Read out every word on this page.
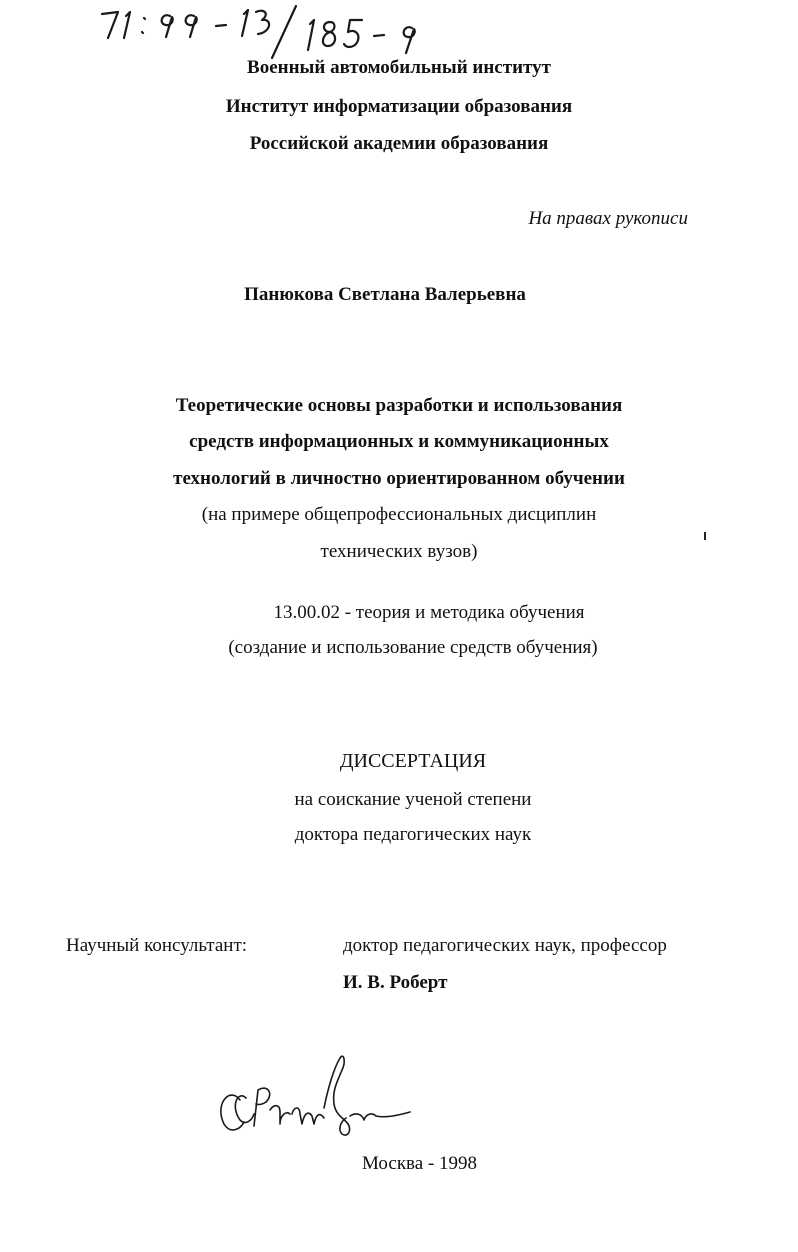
Военный автомобильный институт
Институт информатизации образования
Российской академии образования
На правах рукописи
Панюкова Светлана Валерьевна
Теоретические основы разработки и использования
средств информационных и коммуникационных
технологий в личностно ориентированном обучении
(на примере общепрофессиональных дисциплин
технических вузов)
13.00.02 - теория и методика обучения
(создание и использование средств обучения)
ДИССЕРТАЦИЯ
на соискание ученой степени
доктора педагогических наук
Научный консультант:	доктор педагогических наук, профессор
И. В. Роберт
Москва - 1998
